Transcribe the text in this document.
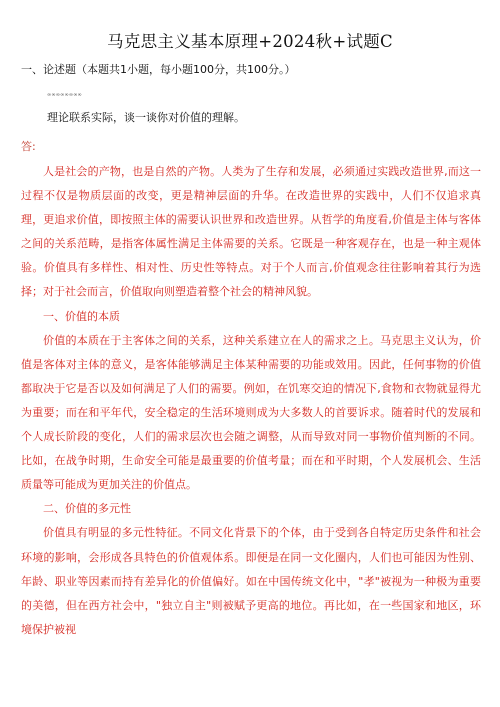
马克思主义基本原理+2024秋+试题C
一、论述题（本题共1小题，每小题100分，共100分。）
∞∞∞∞∞∞∞∞
理论联系实际，谈一谈你对价值的理解。
答:

人是社会的产物，也是自然的产物。人类为了生存和发展，必须通过实践改造世界,而这一过程不仅是物质层面的改变，更是精神层面的升华。在改造世界的实践中，人们不仅追求真理，更追求价值，即按照主体的需要认识世界和改造世界。从哲学的角度看,价值是主体与客体之间的关系范畴，是指客体属性满足主体需要的关系。它既是一种客观存在，也是一种主观体验。价值具有多样性、相对性、历史性等特点。对于个人而言,价值观念往往影响着其行为选择；对于社会而言，价值取向则塑造着整个社会的精神风貌。

一、价值的本质

价值的本质在于主客体之间的关系，这种关系建立在人的需求之上。马克思主义认为，价值是客体对主体的意义，是客体能够满足主体某种需要的功能或效用。因此，任何事物的价值都取决于它是否以及如何满足了人们的需要。例如，在饥寒交迫的情况下,食物和衣物就显得尤为重要；而在和平年代，安全稳定的生活环境则成为大多数人的首要诉求。随着时代的发展和个人成长阶段的变化，人们的需求层次也会随之调整，从而导致对同一事物价值判断的不同。比如，在战争时期，生命安全可能是最重要的价值考量；而在和平时期，个人发展机会、生活质量等可能成为更加关注的价值点。

二、价值的多元性

价值具有明显的多元性特征。不同文化背景下的个体，由于受到各自特定历史条件和社会环境的影响，会形成各具特色的价值观体系。即便是在同一文化圈内，人们也可能因为性别、年龄、职业等因素而持有差异化的价值偏好。如在中国传统文化中，"孝"被视为一种极为重要的美德，但在西方社会中，"独立自主"则被赋予更高的地位。再比如，在一些国家和地区，环境保护被视
